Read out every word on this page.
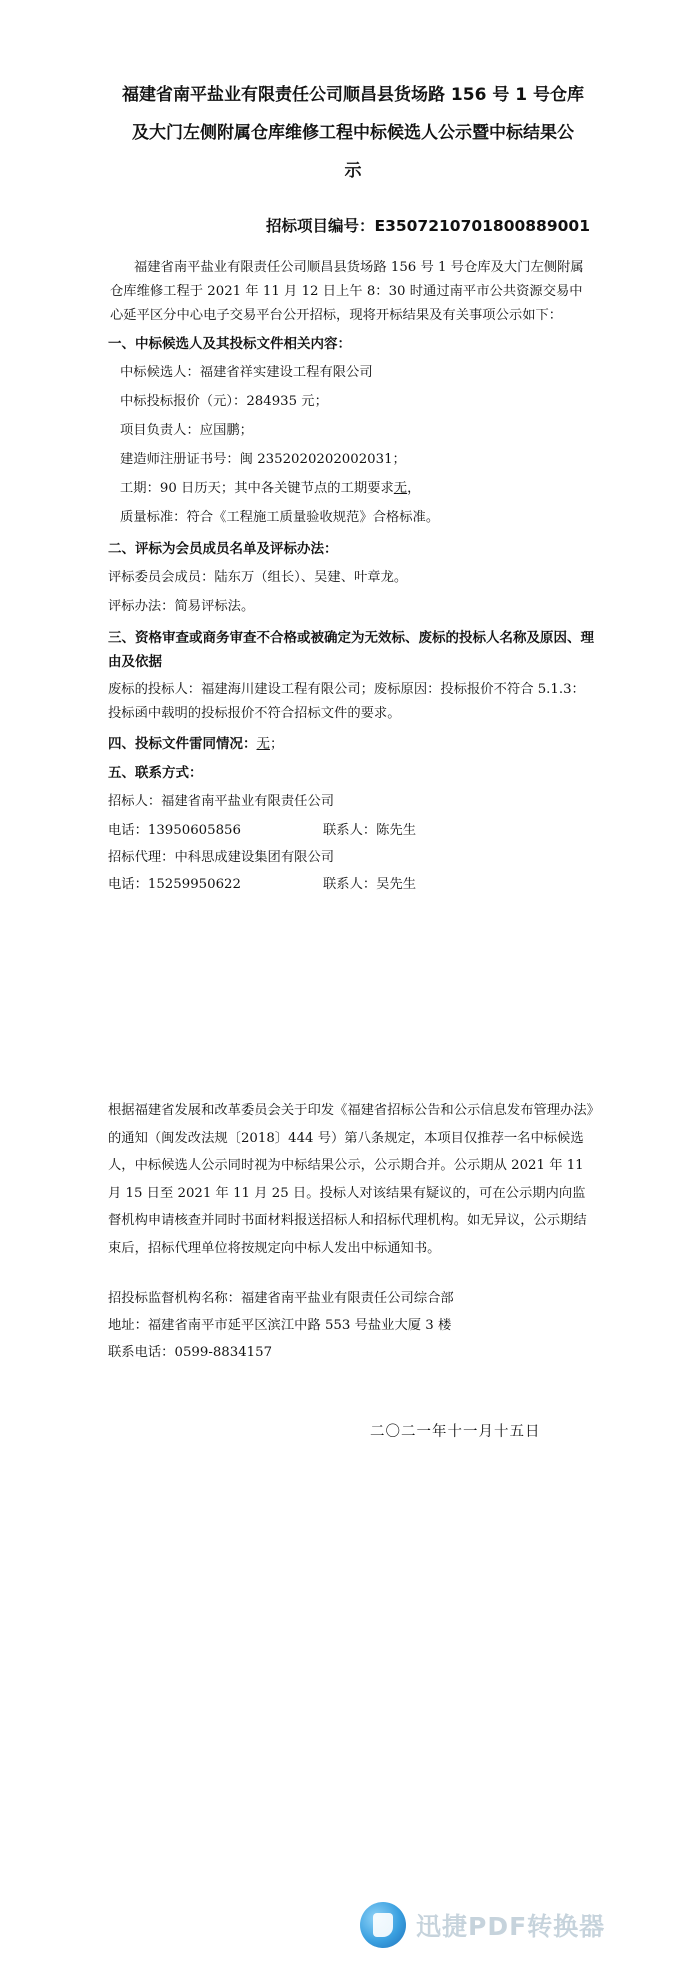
福建省南平盐业有限责任公司顺昌县货场路 156 号 1 号仓库
及大门左侧附属仓库维修工程中标候选人公示暨中标结果公
示
招标项目编号：E3507210701800889001

福建省南平盐业有限责任公司顺昌县货场路 156 号 1 号仓库及大门左侧附属仓库维修工程于 2021 年 11 月 12 日上午 8：30 时通过南平市公共资源交易中心延平区分中心电子交易平台公开招标，现将开标结果及有关事项公示如下：

一、中标候选人及其投标文件相关内容：
中标候选人：福建省祥实建设工程有限公司
中标投标报价（元）：284935 元；
项目负责人：应国鹏；
建造师注册证书号：闽 2352020202002031；
工期：90 日历天；其中各关键节点的工期要求无，
质量标准：符合《工程施工质量验收规范》合格标准。
二、评标为会员成员名单及评标办法：
评标委员会成员：陆东万（组长）、吴建、叶章龙。
评标办法：简易评标法。
三、资格审查或商务审查不合格或被确定为无效标、废标的投标人名称及原因、理由及依据
废标的投标人：福建海川建设工程有限公司；废标原因：投标报价不符合 5.1.3：投标函中载明的投标报价不符合招标文件的要求。
四、投标文件雷同情况：无；
五、联系方式：
招标人：福建省南平盐业有限责任公司
电话：13950605856	联系人：陈先生
招标代理：中科思成建设集团有限公司
电话：15259950622	联系人：吴先生

根据福建省发展和改革委员会关于印发《福建省招标公告和公示信息发布管理办法》的通知（闽发改法规〔2018〕444 号）第八条规定，本项目仅推荐一名中标候选人，中标候选人公示同时视为中标结果公示，公示期合并。公示期从 2021 年 11 月 15 日至 2021 年 11 月 25 日。投标人对该结果有疑议的，可在公示期内向监督机构申请核查并同时书面材料报送招标人和招标代理机构。如无异议，公示期结束后，招标代理单位将按规定向中标人发出中标通知书。

招投标监督机构名称：福建省南平盐业有限责任公司综合部
地址：福建省南平市延平区滨江中路 553 号盐业大厦 3 楼
联系电话：0599-8834157
二〇二一年十一月十五日
迅捷PDF转换器
